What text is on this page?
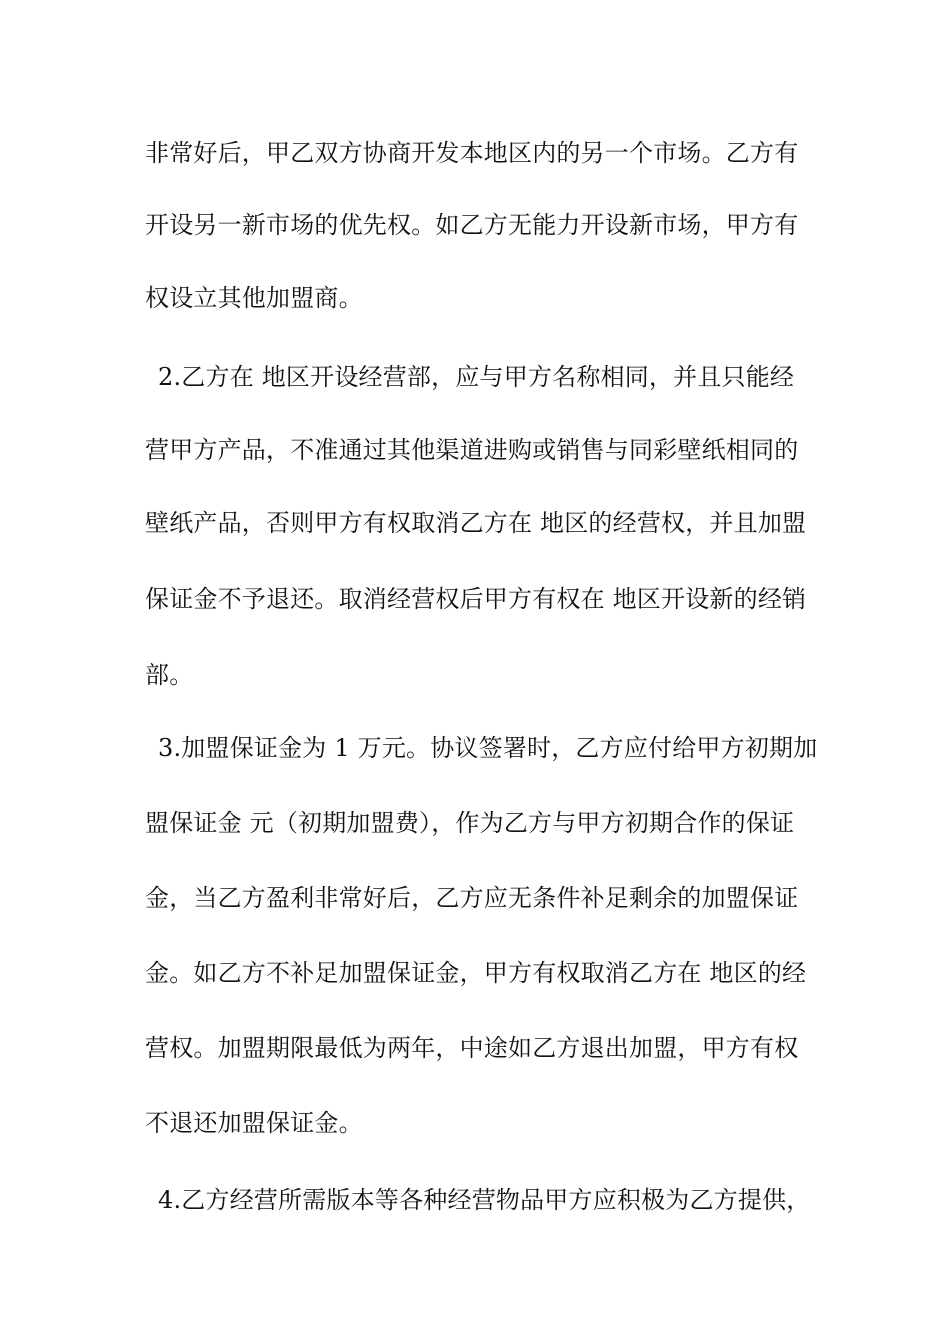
非常好后，甲乙双方协商开发本地区内的另一个市场。乙方有
开设另一新市场的优先权。如乙方无能力开设新市场，甲方有
权设立其他加盟商。
2.乙方在 地区开设经营部，应与甲方名称相同，并且只能经
营甲方产品，不准通过其他渠道进购或销售与同彩壁纸相同的
壁纸产品，否则甲方有权取消乙方在 地区的经营权，并且加盟
保证金不予退还。取消经营权后甲方有权在 地区开设新的经销
部。
3.加盟保证金为 1 万元。协议签署时，乙方应付给甲方初期加
盟保证金 元（初期加盟费），作为乙方与甲方初期合作的保证
金，当乙方盈利非常好后，乙方应无条件补足剩余的加盟保证
金。如乙方不补足加盟保证金，甲方有权取消乙方在 地区的经
营权。加盟期限最低为两年，中途如乙方退出加盟，甲方有权
不退还加盟保证金。
4.乙方经营所需版本等各种经营物品甲方应积极为乙方提供，
